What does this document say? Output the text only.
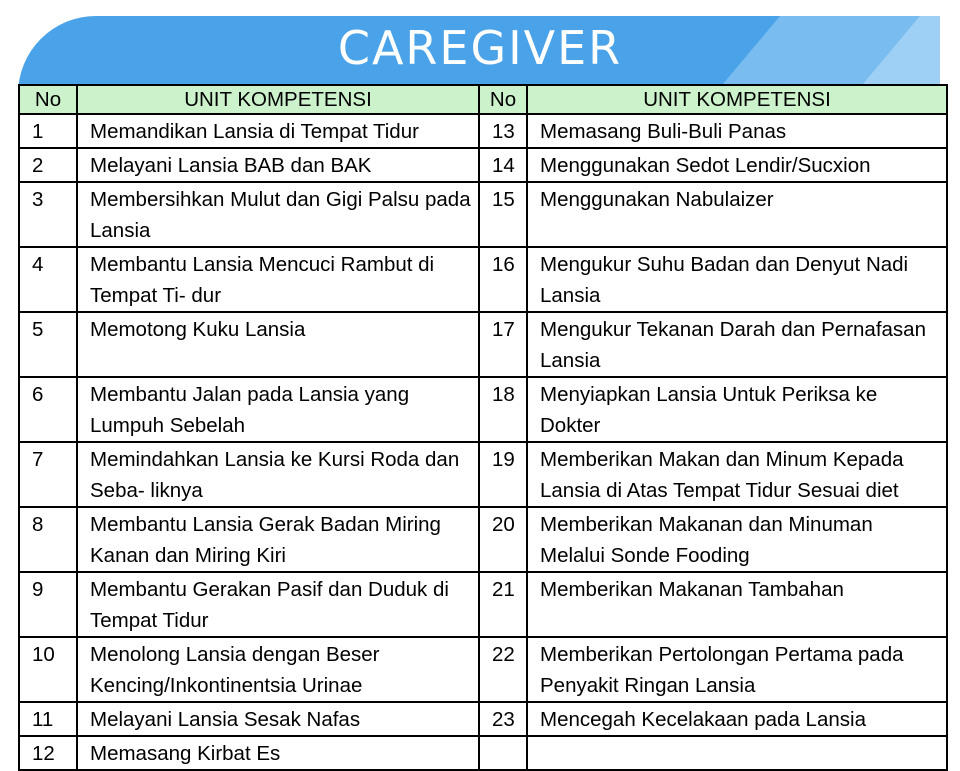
CAREGIVER
No	UNIT KOMPETENSI	No	UNIT KOMPETENSI
1	Memandikan Lansia di Tempat Tidur	13	Memasang Buli-Buli Panas
2	Melayani Lansia BAB dan BAK	14	Menggunakan Sedot Lendir/Sucxion
3	Membersihkan Mulut dan Gigi Palsu pada Lansia	15	Menggunakan Nabulaizer
4	Membantu Lansia Mencuci Rambut di Tempat Ti- dur	16	Mengukur Suhu Badan dan Denyut Nadi Lansia
5	Memotong Kuku Lansia	17	Mengukur Tekanan Darah dan Pernafasan Lansia
6	Membantu Jalan pada Lansia yang Lumpuh Sebelah	18	Menyiapkan Lansia Untuk Periksa ke Dokter
7	Memindahkan Lansia ke Kursi Roda dan Seba- liknya	19	Memberikan Makan dan Minum Kepada Lansia di Atas Tempat Tidur Sesuai diet
8	Membantu Lansia Gerak Badan Miring Kanan dan Miring Kiri	20	Memberikan Makanan dan Minuman Melalui Sonde Fooding
9	Membantu Gerakan Pasif dan Duduk di Tempat Tidur	21	Memberikan Makanan Tambahan
10	Menolong Lansia dengan Beser Kencing/Inkontinentsia Urinae	22	Memberikan Pertolongan Pertama pada Penyakit Ringan Lansia
11	Melayani Lansia Sesak Nafas	23	Mencegah Kecelakaan pada Lansia
12	Memasang Kirbat Es		
